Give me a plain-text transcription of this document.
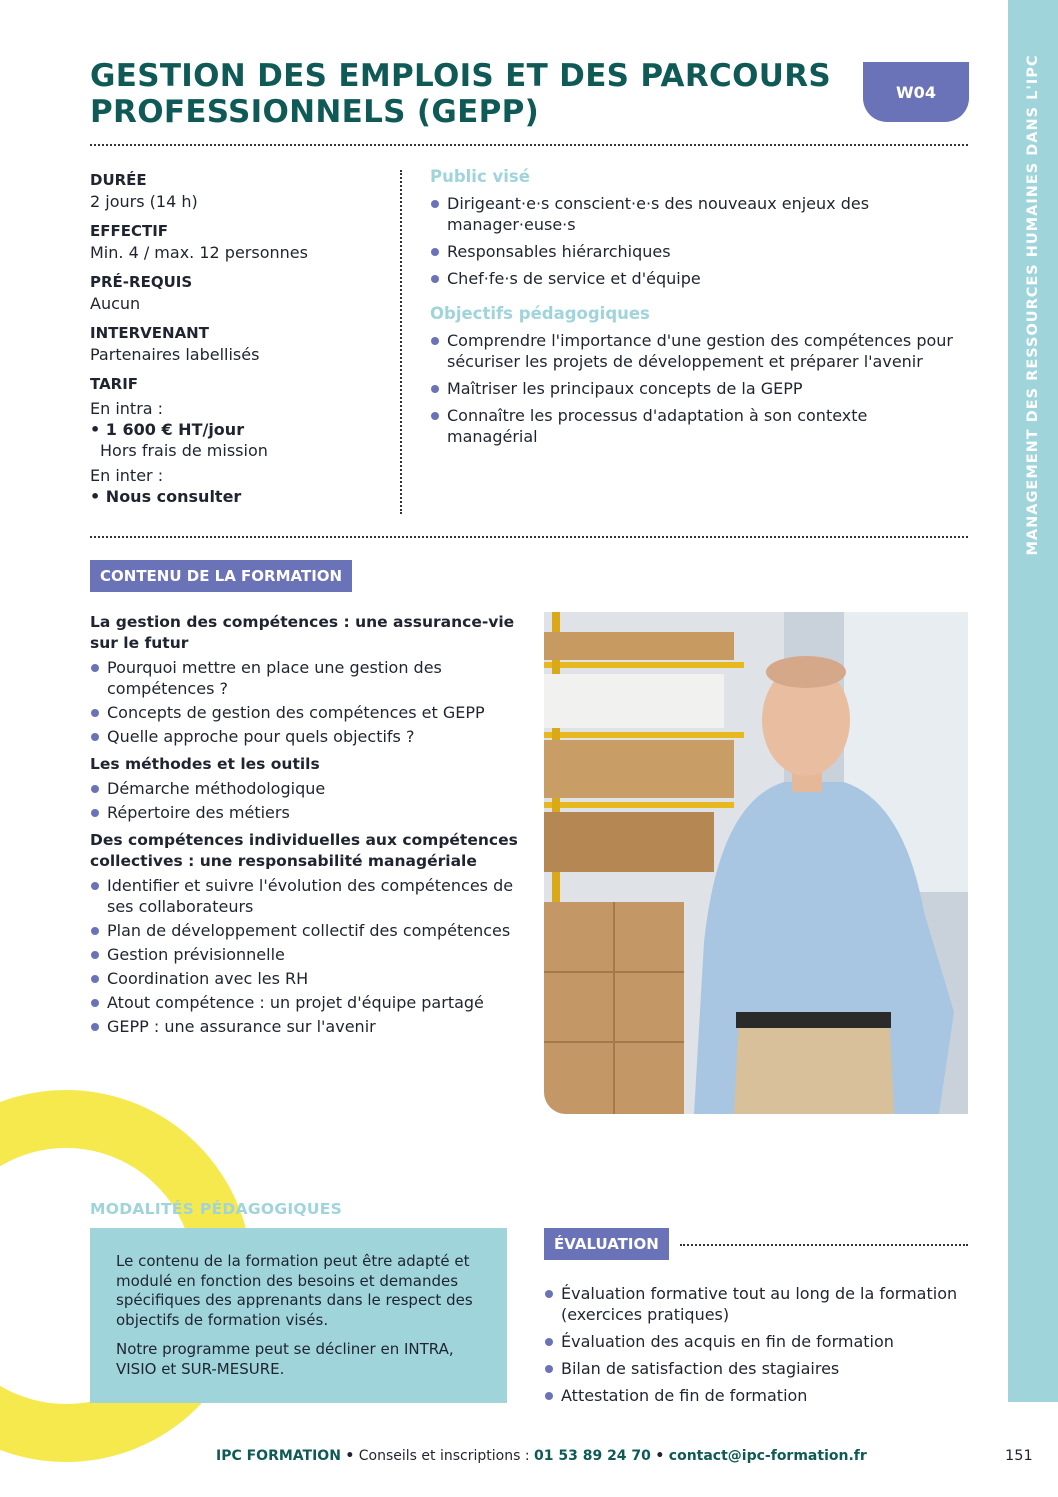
GESTION DES EMPLOIS ET DES PARCOURS
PROFESSIONNELS (GEPP)
W04	MANAGEMENT DES RESSOURCES HUMAINES DANS L'IPC
DURÉE
2 jours (14 h)
EFFECTIF
Min. 4 / max. 12 personnes
PRÉ-REQUIS
Aucun
INTERVENANT
Partenaires labellisés
TARIF
En intra :
• 1 600 € HT/jour
Hors frais de mission
En inter :
• Nous consulter
Public visé
Dirigeant·e·s conscient·e·s des nouveaux enjeux des manager·euse·s
Responsables hiérarchiques
Chef·fe·s de service et d'équipe
Objectifs pédagogiques
Comprendre l'importance d'une gestion des compétences pour sécuriser les projets de développement et préparer l'avenir
Maîtriser les principaux concepts de la GEPP
Connaître les processus d'adaptation à son contexte managérial
CONTENU DE LA FORMATION
La gestion des compétences : une assurance-vie sur le futur
Pourquoi mettre en place une gestion des compétences ?
Concepts de gestion des compétences et GEPP
Quelle approche pour quels objectifs ?
Les méthodes et les outils
Démarche méthodologique
Répertoire des métiers
Des compétences individuelles aux compétences collectives : une responsabilité managériale
Identifier et suivre l'évolution des compétences de ses collaborateurs
Plan de développement collectif des compétences
Gestion prévisionnelle
Coordination avec les RH
Atout compétence : un projet d'équipe partagé
GEPP : une assurance sur l'avenir
MODALITÉS PÉDAGOGIQUES

Le contenu de la formation peut être adapté et modulé en fonction des besoins et demandes spécifiques des apprenants dans le respect des objectifs de formation visés.

Notre programme peut se décliner en INTRA, VISIO et SUR-MESURE.

ÉVALUATION
Évaluation formative tout au long de la formation (exercices pratiques)
Évaluation des acquis en fin de formation
Bilan de satisfaction des stagiaires
Attestation de fin de formation
IPC FORMATION • Conseils et inscriptions : 01 53 89 24 70 • contact@ipc-formation.fr	151
